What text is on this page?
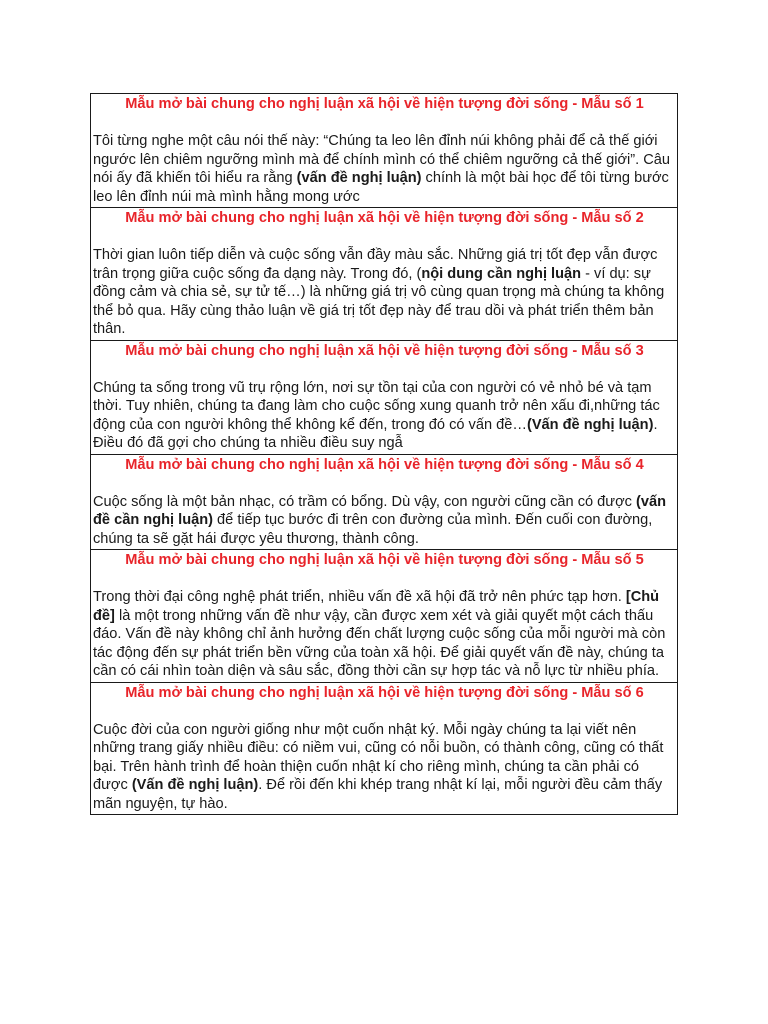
Mẫu mở bài chung cho nghị luận xã hội về hiện tượng đời sống - Mẫu số 1
Tôi từng nghe một câu nói thế này: “Chúng ta leo lên đỉnh núi không phải để cả thế giới ngước lên chiêm ngưỡng mình mà để chính mình có thể chiêm ngưỡng cả thế giới”. Câu nói ấy đã khiến tôi hiểu ra rằng (vấn đề nghị luận) chính là một bài học để tôi từng bước leo lên đỉnh núi mà mình hằng mong ước

Mẫu mở bài chung cho nghị luận xã hội về hiện tượng đời sống - Mẫu số 2
Thời gian luôn tiếp diễn và cuộc sống vẫn đầy màu sắc. Những giá trị tốt đẹp vẫn được trân trọng giữa cuộc sống đa dạng này. Trong đó, (nội dung cần nghị luận - ví dụ: sự đồng cảm và chia sẻ, sự tử tế…) là những giá trị vô cùng quan trọng mà chúng ta không thể bỏ qua. Hãy cùng thảo luận về giá trị tốt đẹp này để trau dồi và phát triển thêm bản thân.

Mẫu mở bài chung cho nghị luận xã hội về hiện tượng đời sống - Mẫu số 3
Chúng ta sống trong vũ trụ rộng lớn, nơi sự tồn tại của con người có vẻ nhỏ bé và tạm thời. Tuy nhiên, chúng ta đang làm cho cuộc sống xung quanh trở nên xấu đi,những tác động của con người không thể không kể đến, trong đó có vấn đề…(Vấn đề nghị luận). Điều đó đã gợi cho chúng ta nhiều điều suy ngẫ

Mẫu mở bài chung cho nghị luận xã hội về hiện tượng đời sống - Mẫu số 4
Cuộc sống là một bản nhạc, có trầm có bổng. Dù vậy, con người cũng cần có được (vấn đề cần nghị luận) để tiếp tục bước đi trên con đường của mình. Đến cuối con đường, chúng ta sẽ gặt hái được yêu thương, thành công.

Mẫu mở bài chung cho nghị luận xã hội về hiện tượng đời sống - Mẫu số 5
Trong thời đại công nghệ phát triển, nhiều vấn đề xã hội đã trở nên phức tạp hơn. [Chủ đề] là một trong những vấn đề như vậy, cần được xem xét và giải quyết một cách thấu đáo. Vấn đề này không chỉ ảnh hưởng đến chất lượng cuộc sống của mỗi người mà còn tác động đến sự phát triển bền vững của toàn xã hội. Để giải quyết vấn đề này, chúng ta cần có cái nhìn toàn diện và sâu sắc, đồng thời cần sự hợp tác và nỗ lực từ nhiều phía.

Mẫu mở bài chung cho nghị luận xã hội về hiện tượng đời sống - Mẫu số 6
Cuộc đời của con người giống như một cuốn nhật ký. Mỗi ngày chúng ta lại viết nên những trang giấy nhiều điều: có niềm vui, cũng có nỗi buồn, có thành công, cũng có thất bại. Trên hành trình để hoàn thiện cuốn nhật kí cho riêng mình, chúng ta cần phải có được (Vấn đề nghị luận). Để rồi đến khi khép trang nhật kí lại, mỗi người đều cảm thấy mãn nguyện, tự hào.
